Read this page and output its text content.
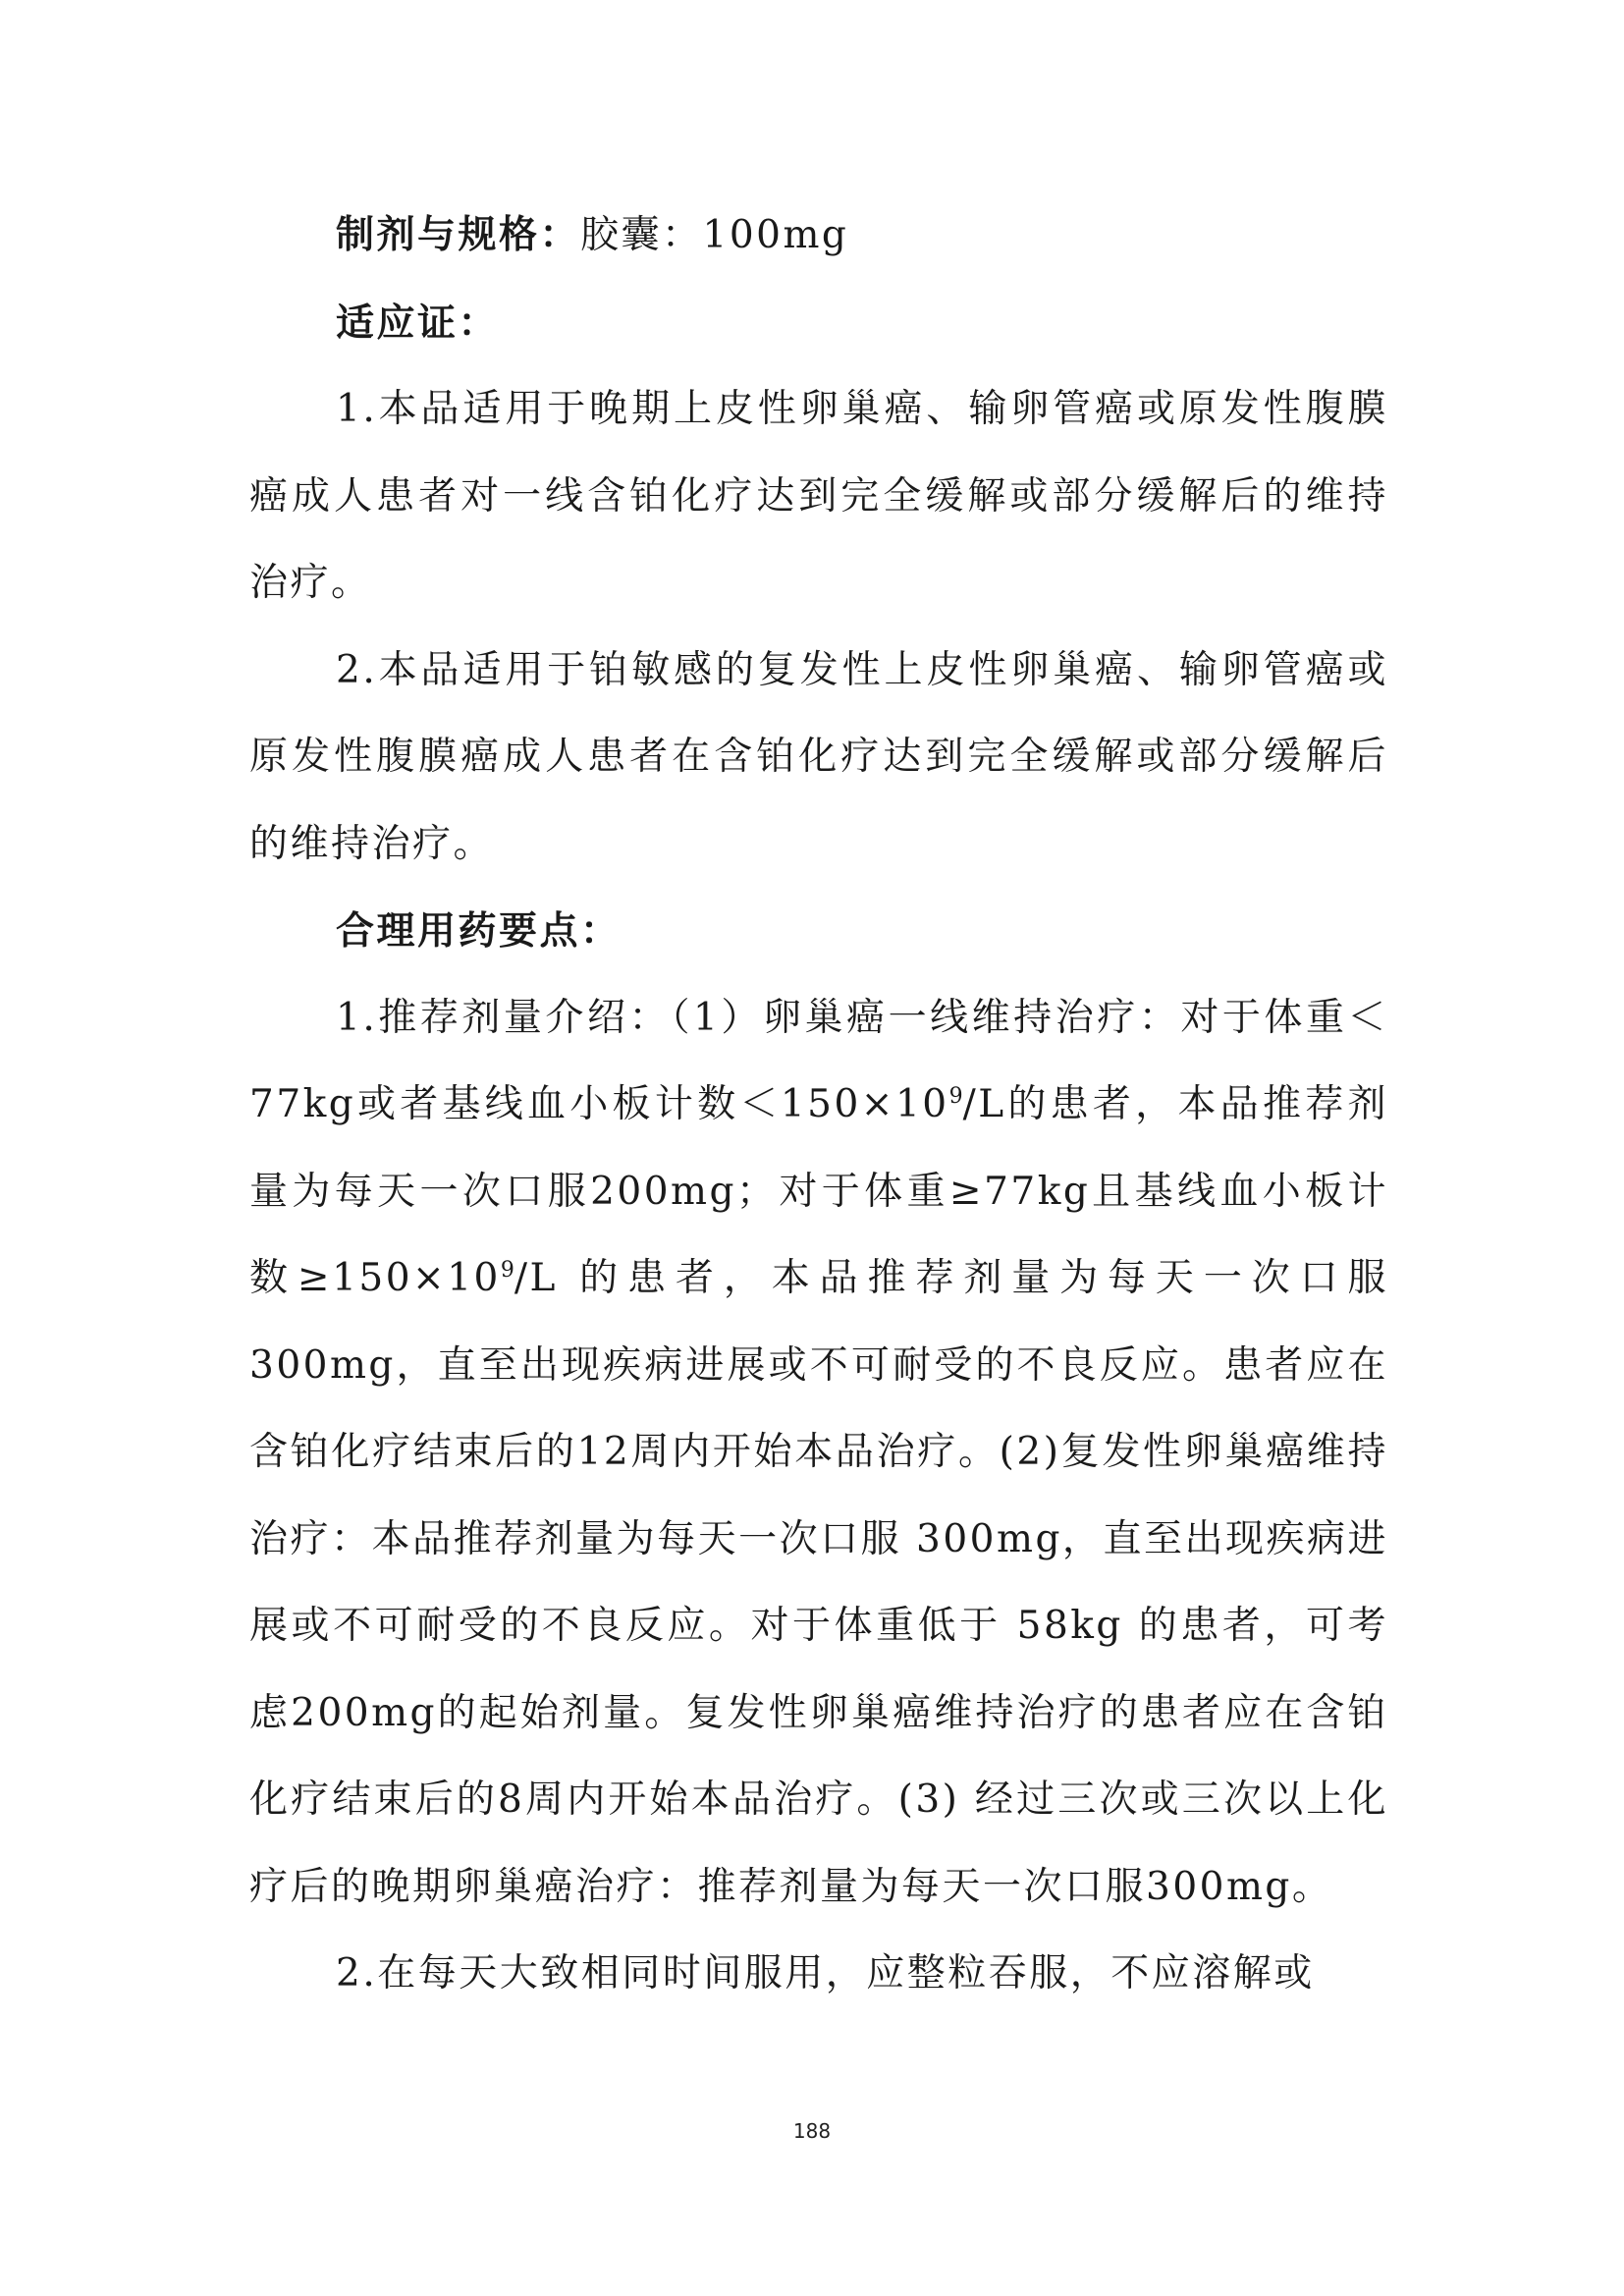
制剂与规格：胶囊：100mg

适应证：

1.本品适用于晚期上皮性卵巢癌、输卵管癌或原发性腹膜癌成人患者对一线含铂化疗达到完全缓解或部分缓解后的维持治疗。

2.本品适用于铂敏感的复发性上皮性卵巢癌、输卵管癌或原发性腹膜癌成人患者在含铂化疗达到完全缓解或部分缓解后的维持治疗。

合理用药要点：

1.推荐剂量介绍：（1）卵巢癌一线维持治疗：对于体重＜77kg或者基线血小板计数$<150\times 10^9/L$的患者，本品推荐剂量为每天一次口服200mg；对于体重≥77kg且基线血小板计数$\ge 150\times 10^9/L$ 的患者，本品推荐剂量为每天一次口服300mg，直至出现疾病进展或不可耐受的不良反应。患者应在含铂化疗结束后的12周内开始本品治疗。(2)复发性卵巢癌维持治疗：本品推荐剂量为每天一次口服 300mg，直至出现疾病进展或不可耐受的不良反应。对于体重低于 58kg 的患者，可考虑200mg的起始剂量。复发性卵巢癌维持治疗的患者应在含铂化疗结束后的8周内开始本品治疗。(3) 经过三次或三次以上化疗后的晚期卵巢癌治疗：推荐剂量为每天一次口服300mg。

2.在每天大致相同时间服用，应整粒吞服，不应溶解或

188
